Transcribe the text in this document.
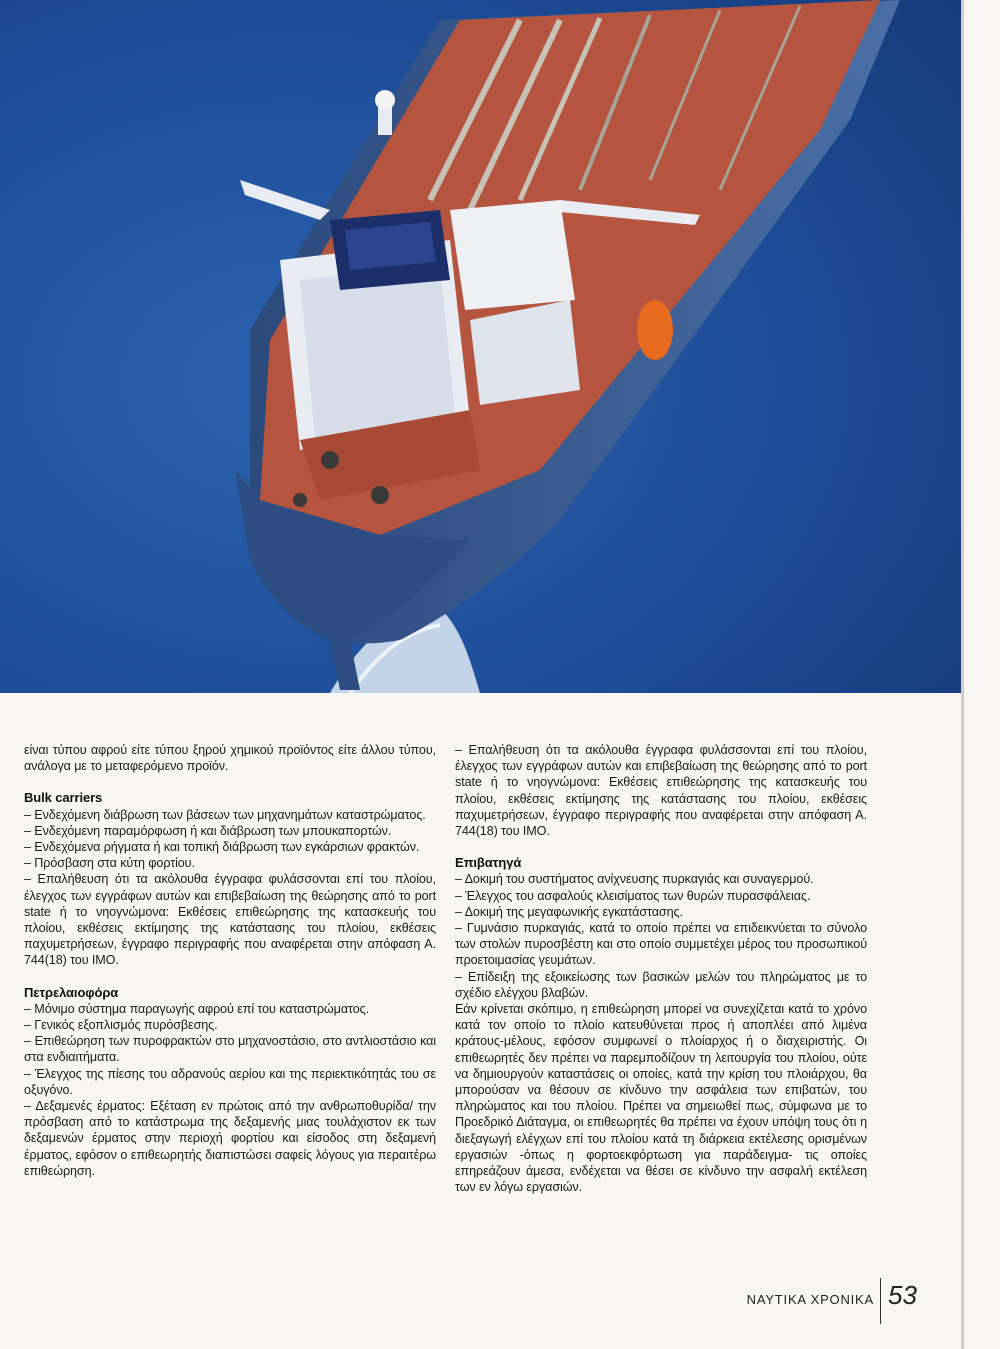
είναι τύπου αφρού είτε τύπου ξηρού χημικού προϊόντος είτε άλλου τύπου, ανάλογα με το μεταφερόμενο προϊόν.

Bulk carriers

– Ενδεχόμενη διάβρωση των βάσεων των μηχανημάτων καταστρώματος.

– Ενδεχόμενη παραμόρφωση ή και διάβρωση των μπουκαπορτών.

– Ενδεχόμενα ρήγματα ή και τοπική διάβρωση των εγκάρσιων φρακτών.

– Πρόσβαση στα κύτη φορτίου.

– Επαλήθευση ότι τα ακόλουθα έγγραφα φυλάσσονται επί του πλοίου, έλεγχος των εγγράφων αυτών και επιβεβαίωση της θεώρησης από το port state ή το νηογνώμονα: Εκθέσεις επιθεώρησης της κατασκευής του πλοίου, εκθέσεις εκτίμησης της κατάστασης του πλοίου, εκθέσεις παχυμετρήσεων, έγγραφο περιγραφής που αναφέρεται στην απόφαση Α. 744(18) του ΙΜΟ.

Πετρελαιοφόρα

– Μόνιμο σύστημα παραγωγής αφρού επί του καταστρώματος.

– Γενικός εξοπλισμός πυρόσβεσης.

– Επιθεώρηση των πυροφρακτών στο μηχανοστάσιο, στο αντλιοστάσιο και στα ενδιαιτήματα.

– Έλεγχος της πίεσης του αδρανούς αερίου και της περιεκτικότητάς του σε οξυγόνο.

– Δεξαμενές έρματος: Εξέταση εν πρώτοις από την ανθρωποθυρίδα/ την πρόσβαση από το κατάστρωμα της δεξαμενής μιας τουλάχιστον εκ των δεξαμενών έρματος στην περιοχή φορτίου και είσοδος στη δεξαμενή έρματος, εφόσον ο επιθεωρητής διαπιστώσει σαφείς λόγους για περαιτέρω επιθεώρηση.

– Επαλήθευση ότι τα ακόλουθα έγγραφα φυλάσσονται επί του πλοίου, έλεγχος των εγγράφων αυτών και επιβεβαίωση της θεώρησης από το port state ή το νηογνώμονα: Εκθέσεις επιθεώρησης της κατασκευής του πλοίου, εκθέσεις εκτίμησης της κατάστασης του πλοίου, εκθέσεις παχυμετρήσεων, έγγραφο περιγραφής που αναφέρεται στην απόφαση Α. 744(18) του ΙΜΟ.

Επιβατηγά

– Δοκιμή του συστήματος ανίχνευσης πυρκαγιάς και συναγερμού.

– Έλεγχος του ασφαλούς κλεισίματος των θυρών πυρασφάλειας.

– Δοκιμή της μεγαφωνικής εγκατάστασης.

– Γυμνάσιο πυρκαγιάς, κατά το οποίο πρέπει να επιδεικνύεται το σύνολο των στολών πυροσβέστη και στο οποίο συμμετέχει μέρος του προσωπικού προετοιμασίας γευμάτων.

– Επίδειξη της εξοικείωσης των βασικών μελών του πληρώματος με το σχέδιο ελέγχου βλαβών.

Εάν κρίνεται σκόπιμο, η επιθεώρηση μπορεί να συνεχίζεται κατά το χρόνο κατά τον οποίο το πλοίο κατευθύνεται προς ή αποπλέει από λιμένα κράτους-μέλους, εφόσον συμφωνεί ο πλοίαρχος ή ο διαχειριστής. Οι επιθεωρητές δεν πρέπει να παρεμποδίζουν τη λειτουργία του πλοίου, ούτε να δημιουργούν καταστάσεις οι οποίες, κατά την κρίση του πλοιάρχου, θα μπορούσαν να θέσουν σε κίνδυνο την ασφάλεια των επιβατών, του πληρώματος και του πλοίου. Πρέπει να σημειωθεί πως, σύμφωνα με το Προεδρικό Διάταγμα, οι επιθεωρητές θα πρέπει να έχουν υπόψη τους ότι η διεξαγωγή ελέγχων επί του πλοίου κατά τη διάρκεια εκτέλεσης ορισμένων εργασιών -όπως η φορτοεκφόρτωση για παράδειγμα- τις οποίες επηρεάζουν άμεσα, ενδέχεται να θέσει σε κίνδυνο την ασφαλή εκτέλεση των εν λόγω εργασιών.

ΝΑΥΤΙΚΑ ΧΡΟΝΙΚΑ 53
